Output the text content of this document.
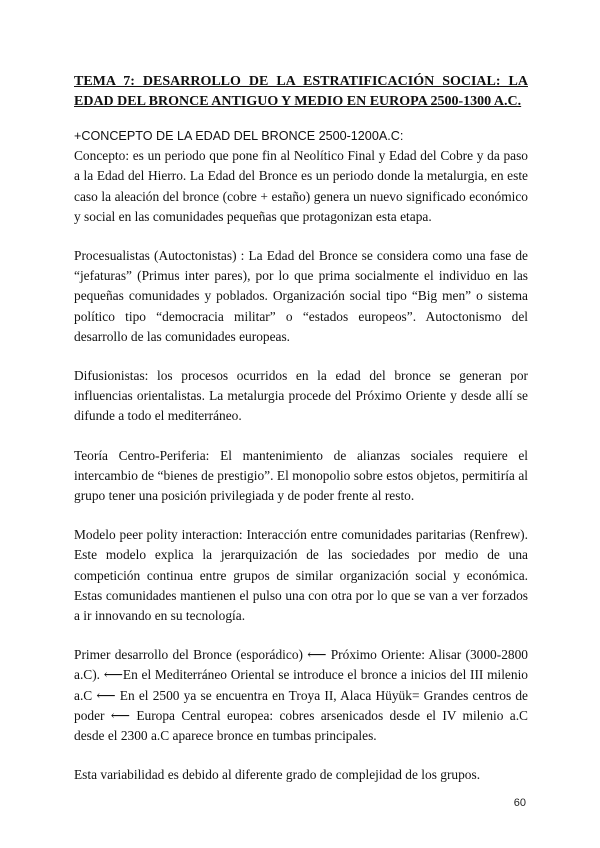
TEMA 7: DESARROLLO DE LA ESTRATIFICACIÓN SOCIAL: LA EDAD DEL BRONCE ANTIGUO Y MEDIO EN EUROPA 2500-1300 A.C.
+CONCEPTO DE LA EDAD DEL BRONCE 2500-1200A.C:
Concepto: es un periodo que pone fin al Neolítico Final y Edad del Cobre y da paso a la Edad del Hierro. La Edad del Bronce es un periodo donde la metalurgia, en este caso la aleación del bronce (cobre + estaño) genera un nuevo significado económico y social en las comunidades pequeñas que protagonizan esta etapa.

Procesualistas (Autoctonistas) : La Edad del Bronce se considera como una fase de “jefaturas” (Primus inter pares), por lo que prima socialmente el individuo en las pequeñas comunidades y poblados. Organización social tipo “Big men” o sistema político tipo “democracia militar” o “estados europeos”. Autoctonismo del desarrollo de las comunidades europeas.

Difusionistas: los procesos ocurridos en la edad del bronce se generan por influencias orientalistas. La metalurgia procede del Próximo Oriente y desde allí se difunde a todo el mediterráneo.

Teoría Centro-Periferia: El mantenimiento de alianzas sociales requiere el intercambio de “bienes de prestigio”. El monopolio sobre estos objetos, permitiría al grupo tener una posición privilegiada y de poder frente al resto.

Modelo peer polity interaction: Interacción entre comunidades paritarias (Renfrew). Este modelo explica la jerarquización de las sociedades por medio de una competición continua entre grupos de similar organización social y económica. Estas comunidades mantienen el pulso una con otra por lo que se van a ver forzados a ir innovando en su tecnología.

Primer desarrollo del Bronce (esporádico) ⟵ Próximo Oriente: Alisar (3000-2800 a.C). ⟵En el Mediterráneo Oriental se introduce el bronce a inicios del III milenio a.C ⟵ En el 2500 ya se encuentra en Troya II, Alaca Hüyük= Grandes centros de poder ⟵ Europa Central europea: cobres arsenicados desde el IV milenio a.C desde el 2300 a.C aparece bronce en tumbas principales.

Esta variabilidad es debido al diferente grado de complejidad de los grupos.

60
